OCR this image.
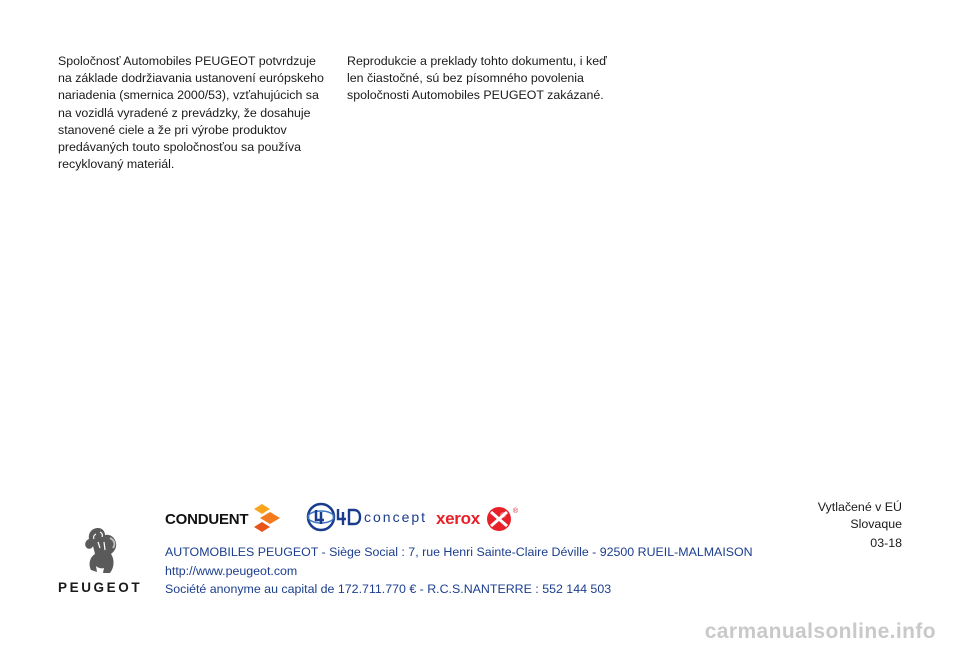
Spoločnosť Automobiles PEUGEOT potvrdzuje
na základe dodržiavania ustanovení európskeho
nariadenia (smernica 2000/53), vzťahujúcich sa
na vozidlá vyradené z prevádzky, že dosahuje
stanovené ciele a že pri výrobe produktov
predávaných touto spoločnosťou sa používa
recyklovaný materiál.
Reprodukcie a preklady tohto dokumentu, i keď
len čiastočné, sú bez písomného povolenia
spoločnosti Automobiles PEUGEOT zakázané.
Vytlačené v EÚ
Slovaque
03-18
PEUGEOT
CONDUENT	concept xerox	®
AUTOMOBILES PEUGEOT - Siège Social : 7, rue Henri Sainte-Claire Déville - 92500 RUEIL-MALMAISON
http://www.peugeot.com
Société anonyme au capital de 172.711.770 € - R.C.S.NANTERRE : 552 144 503
carmanualsonline.info
